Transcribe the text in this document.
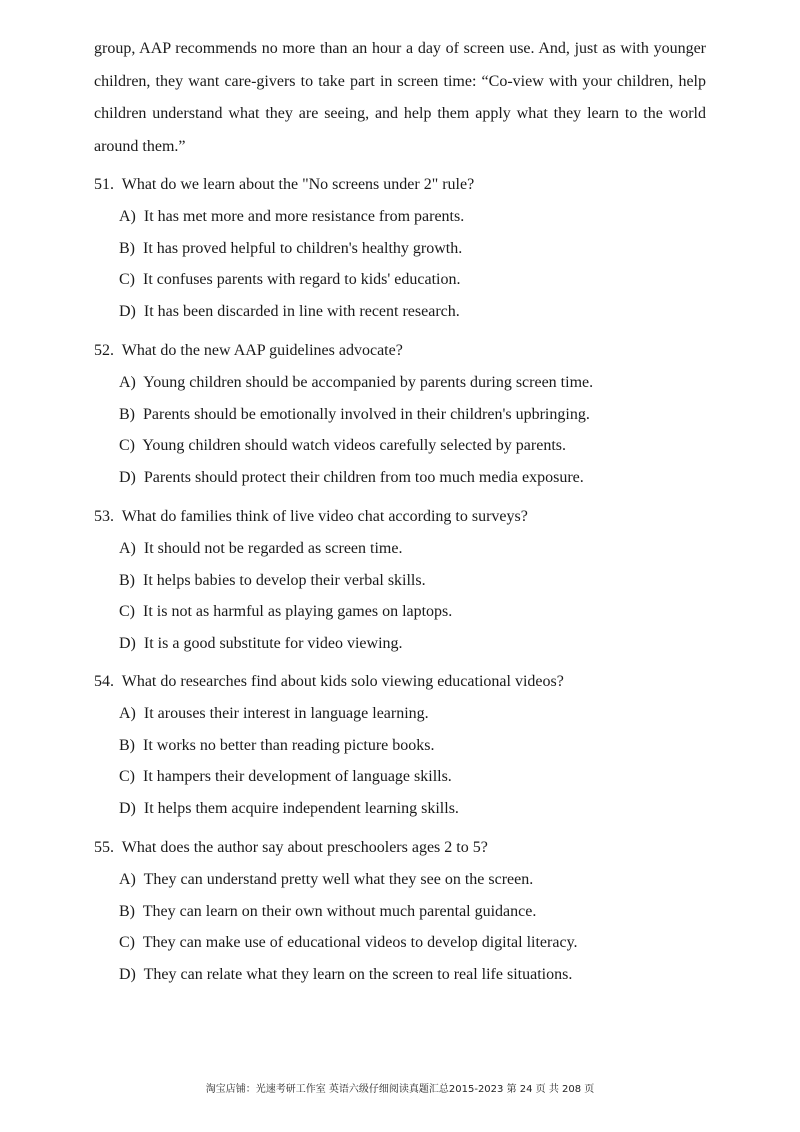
group, AAP recommends no more than an hour a day of screen use. And, just as with younger children, they want care-givers to take part in screen time: “Co-view with your children, help children understand what they are seeing, and help them apply what they learn to the world around them.”

51. What do we learn about the "No screens under 2" rule?
A) It has met more and more resistance from parents.
B) It has proved helpful to children's healthy growth.
C) It confuses parents with regard to kids' education.
D) It has been discarded in line with recent research.
52. What do the new AAP guidelines advocate?
A) Young children should be accompanied by parents during screen time.
B) Parents should be emotionally involved in their children's upbringing.
C) Young children should watch videos carefully selected by parents.
D) Parents should protect their children from too much media exposure.
53. What do families think of live video chat according to surveys?
A) It should not be regarded as screen time.
B) It helps babies to develop their verbal skills.
C) It is not as harmful as playing games on laptops.
D) It is a good substitute for video viewing.
54. What do researches find about kids solo viewing educational videos?
A) It arouses their interest in language learning.
B) It works no better than reading picture books.
C) It hampers their development of language skills.
D) It helps them acquire independent learning skills.
55. What does the author say about preschoolers ages 2 to 5?
A) They can understand pretty well what they see on the screen.
B) They can learn on their own without much parental guidance.
C) They can make use of educational videos to develop digital literacy.
D) They can relate what they learn on the screen to real life situations.
淘宝店铺：光速考研工作室 英语六级仔细阅读真题汇总2015-2023 第 24 页 共 208 页
